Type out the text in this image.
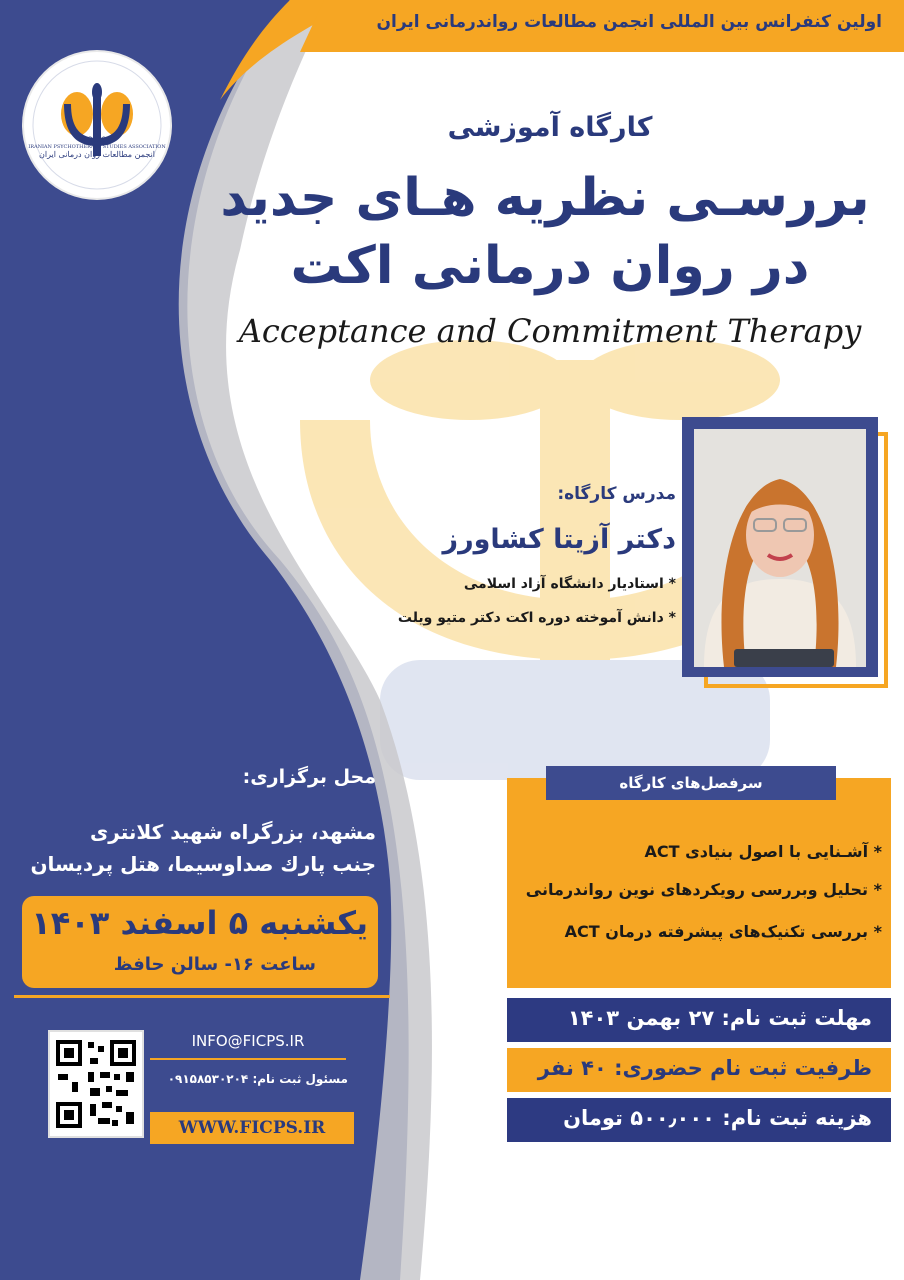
اولین کنفرانس بین المللی انجمن مطالعات رواندرمانی ایران
2020
IRANIAN PSYCHOTHERAPY STUDIES ASSOCIATION
انجمن مطالعات روان درمانی ایران
کارگاه آموزشی
بررسـی نظریه هـای جدید
در روان درمانی اکت
Acceptance and Commitment Therapy
مدرس کارگاه:
دکتر آزیتا کشاورز
* استادیار دانشگاه آزاد اسلامی
* دانش آموخته دوره اکت دکتر متیو ویلت
محل برگزاری:
مشهد، بزرگراه شهید کلانتری
جنب پارك صداوسیما، هتل پردیسان
یکشنبه ۵ اسفند ۱۴۰۳
ساعت ۱۶- سالن حافظ
INFO@FICPS.IR
مسئول ثبت نام: ۰۹۱۵۸۵۳۰۲۰۴
WWW.FICPS.IR
سرفصل‌های کارگاه
* آشـنایی با اصول بنیادی ACT
* تحلیل وبررسی رویکردهای نوین رواندرمانی
* بررسی تکنیک‌های پیشرفته درمان ACT
مهلت ثبت نام: ۲۷ بهمن ۱۴۰۳
ظرفیت ثبت نام حضوری: ۴۰ نفر
هزینه ثبت نام: ۵۰۰٫۰۰۰ تومان
